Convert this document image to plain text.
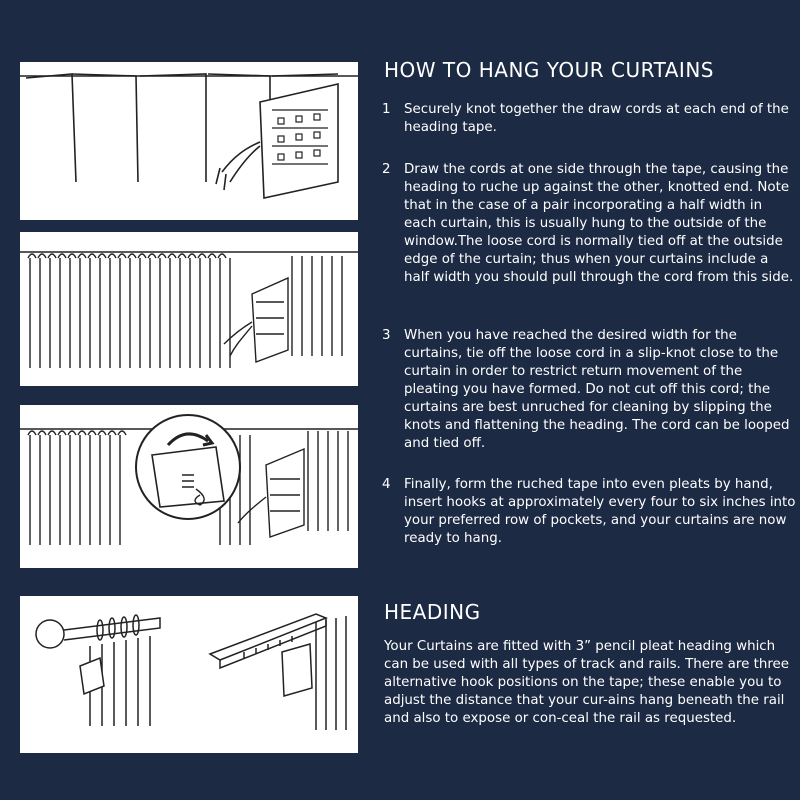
HOW TO HANG YOUR CURTAINS
1	Securely knot together the draw cords at each end of the heading tape.
2	Draw the cords at one side through the tape, causing the heading to ruche up against the other, knotted end. Note that in the case of a pair incorporating a half width in each curtain, this is usually hung to the outside of the window.The loose cord is normally tied off at the outside edge of the curtain; thus when your curtains include a half width you should pull through the cord from this side.
3	When you have reached the desired width for the curtains, tie off the loose cord in a slip-knot close to the curtain in order to restrict return movement of the pleating you have formed. Do not cut off this cord; the curtains are best unruched for cleaning by slipping the knots and flattening the heading. The cord can be looped and tied off.
4	Finally, form the ruched tape into even pleats by hand, insert hooks at approximately every four to six inches into your preferred row of pockets, and your curtains are now ready to hang.
HEADING

Your Curtains are fitted with 3” pencil pleat heading which can be used with all types of track and rails. There are three alternative hook positions on the tape; these enable you to adjust the distance that your cur-ains hang beneath the rail and also to expose or con-ceal the rail as requested.
